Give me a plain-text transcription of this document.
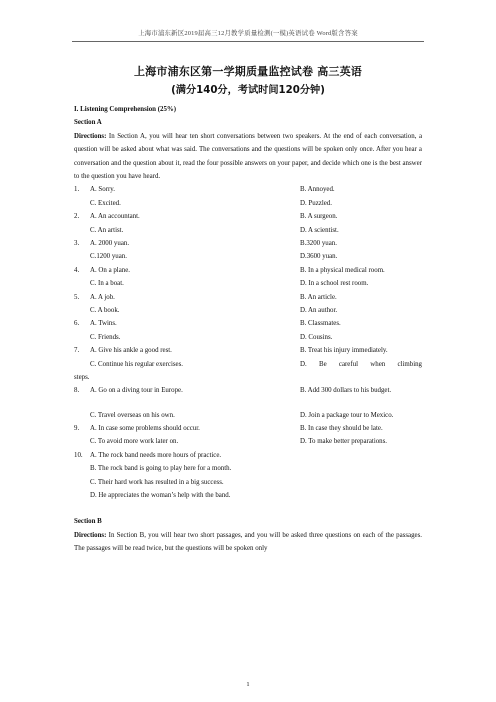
上海市浦东新区2019届高三12月教学质量检测(一模)英语试卷 Word版含答案
上海市浦东区第一学期质量监控试卷 高三英语
(满分140分，考试时间120分钟)

I. Listening Comprehension (25%)

Section A

Directions: In Section A, you will hear ten short conversations between two speakers. At the end of each conversation, a question will be asked about what was said. The conversations and the questions will be spoken only once. After you hear a conversation and the question about it, read the four possible answers on your paper, and decide which one is the best answer to the question you have heard.

1. A. Sorry.	B. Annoyed.
C. Excited.	D. Puzzled.
2. A. An accountant.	B. A surgeon.
C. An artist.	D. A scientist.
3. A. 2000 yuan.	B.3200 yuan.
C.1200 yuan.	D.3600 yuan.
4. A. On a plane.	B. In a physical medical room.
C. In a boat.	D. In a school rest room.
5. A. A job.	B. An article.
C. A book.	D. An author.
6. A. Twins.	B. Classmates.
C. Friends.	D. Cousins.
7. A. Give his ankle a good rest.	B. Treat his injury immediately.
C. Continue his regular exercises.	D. Be careful when climbing
steps.
8. A. Go on a diving tour in Europe.	B. Add 300 dollars to his budget.
C. Travel overseas on his own.	D. Join a package tour to Mexico.
9. A. In case some problems should occur.	B. In case they should be late.
C. To avoid more work later on.	D. To make better preparations.
10. A. The rock band needs more hours of practice.
B. The rock band is going to play here for a month.
C. Their hard work has resulted in a big success.
D. He appreciates the woman’s help with the band.

Section B

Directions: In Section B, you will hear two short passages, and you will be asked three questions on each of the passages. The passages will be read twice, but the questions will be spoken only

1
